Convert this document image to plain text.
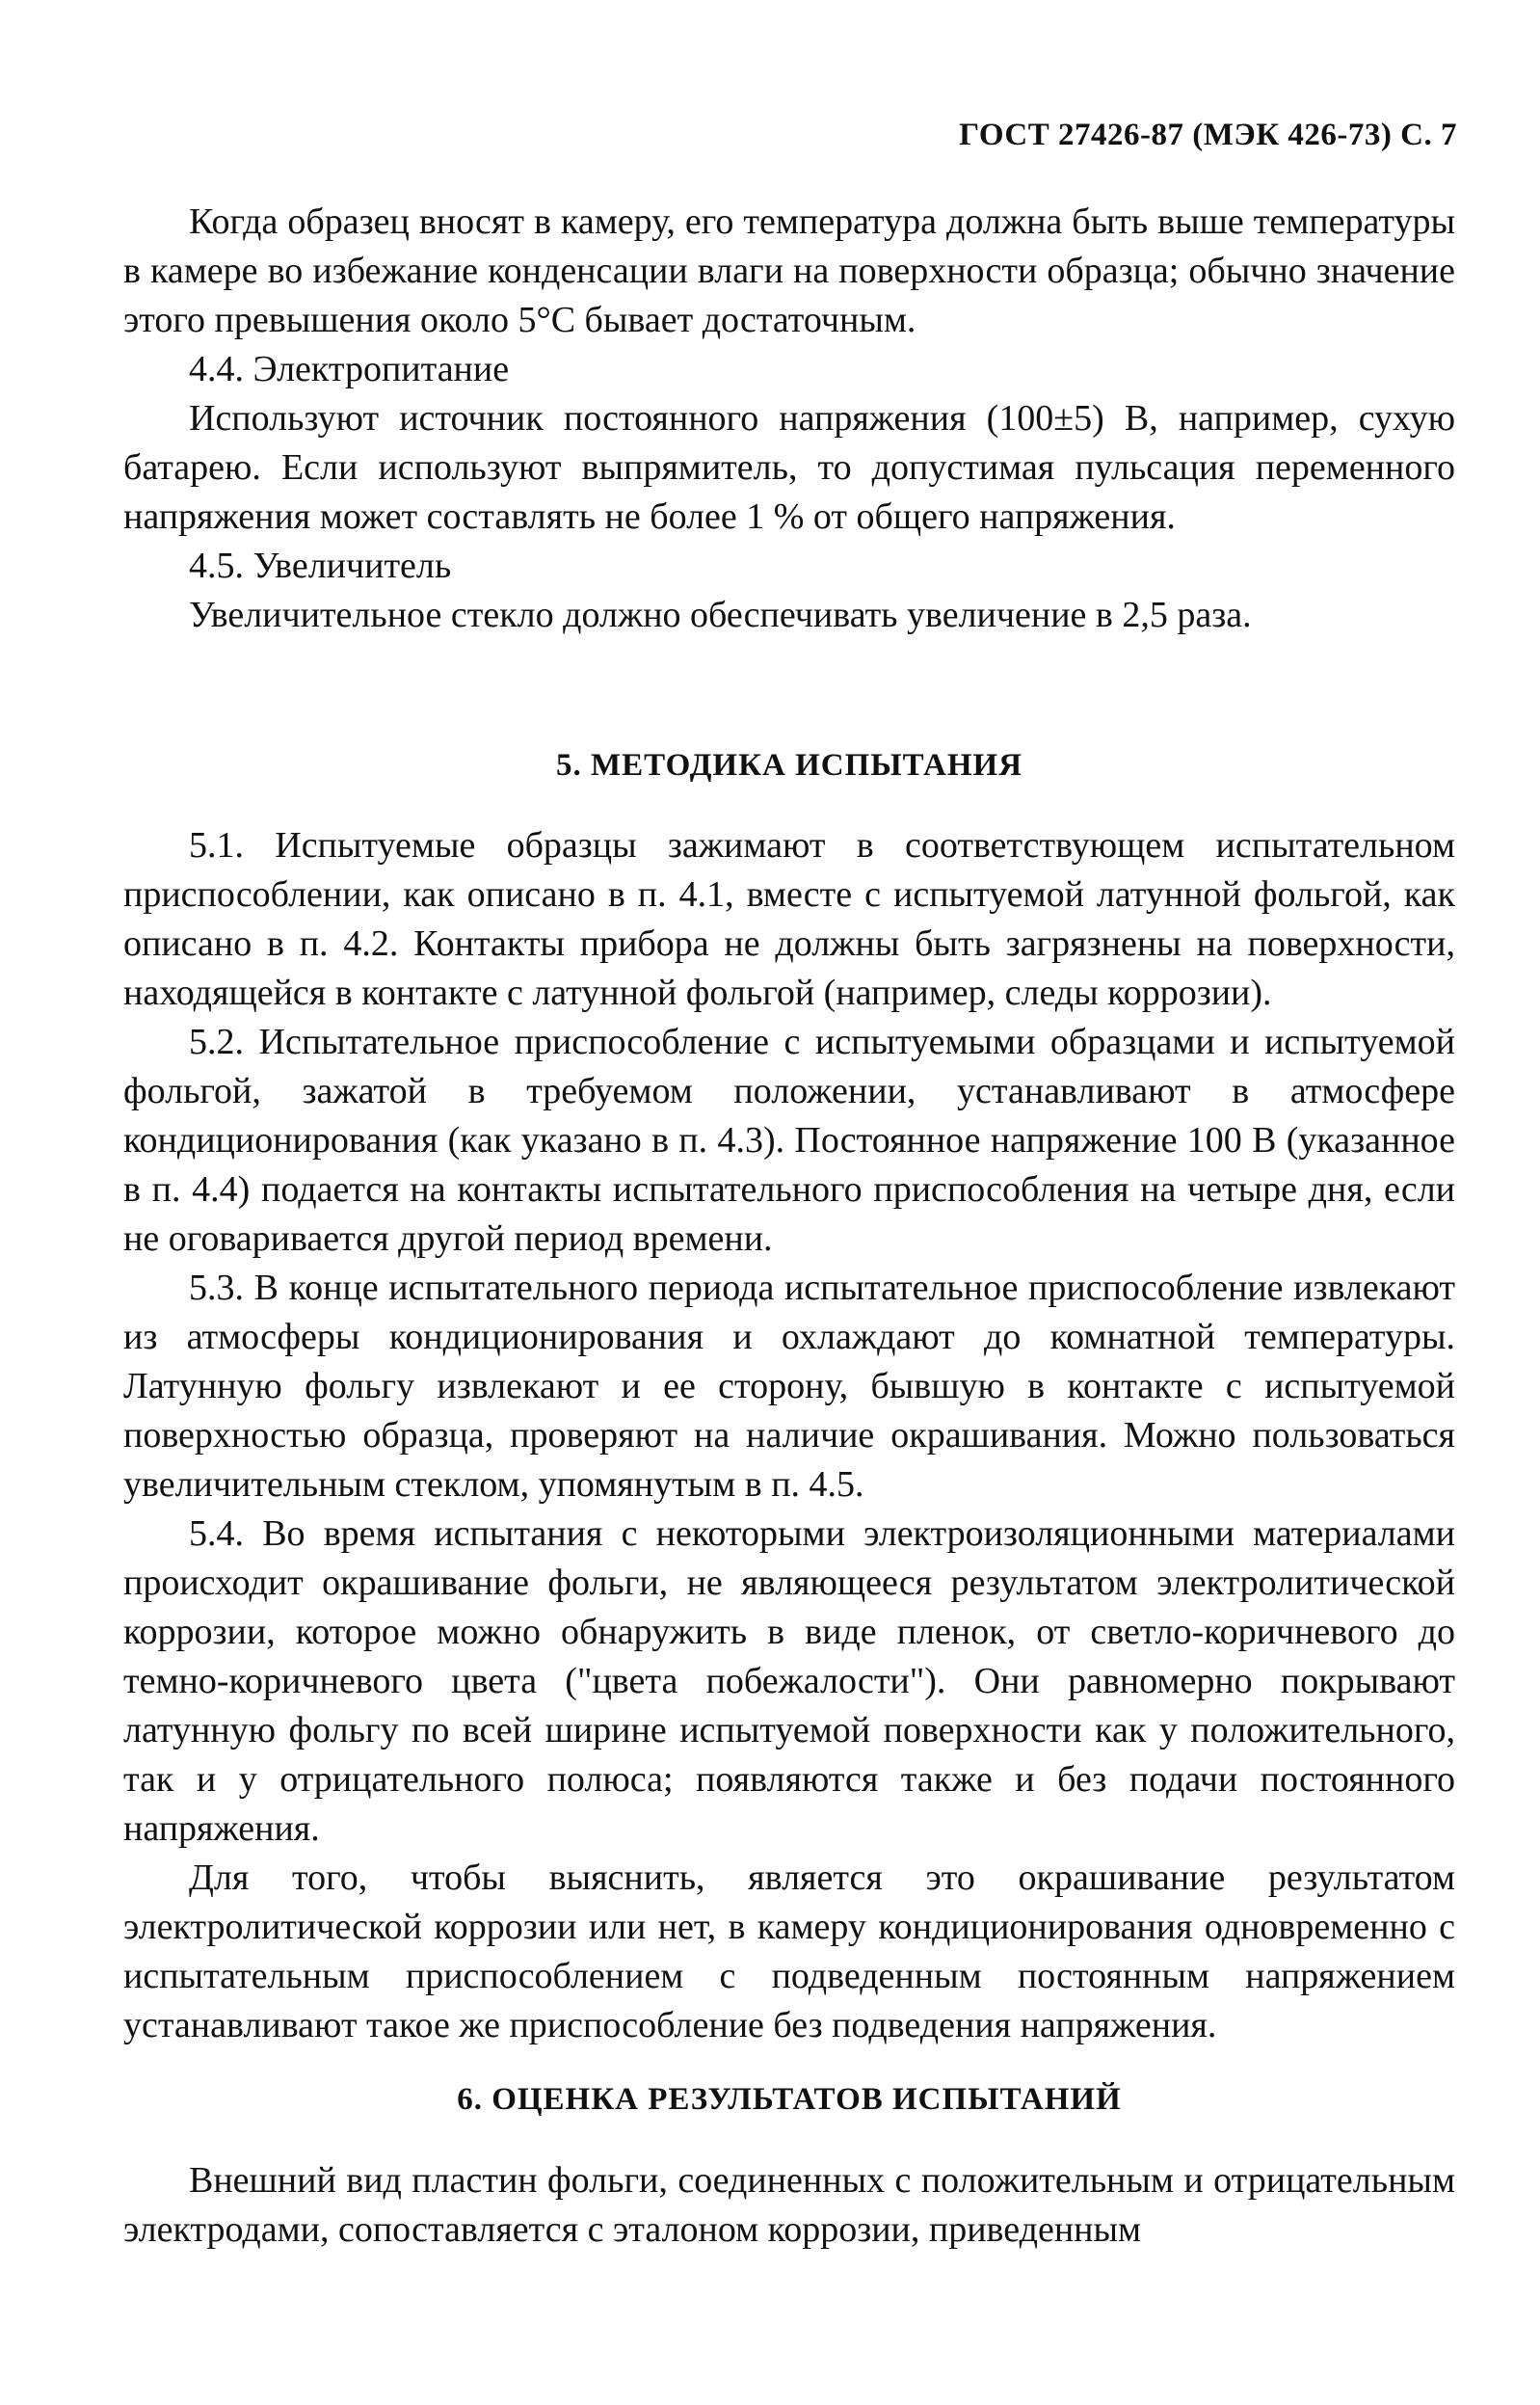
ГОСТ 27426-87 (МЭК 426-73) С. 7

Когда образец вносят в камеру, его температура должна быть выше температуры в камере во избежание конденсации влаги на поверхности образца; обычно значение этого превышения около 5°С бывает достаточным.

4.4. Электропитание

Используют источник постоянного напряжения (100±5) В, например, сухую батарею. Если используют выпрямитель, то допустимая пульсация переменного напряжения может составлять не более 1 % от общего напряжения.

4.5. Увеличитель

Увеличительное стекло должно обеспечивать увеличение в 2,5 раза.

5. МЕТОДИКА ИСПЫТАНИЯ

5.1. Испытуемые образцы зажимают в соответствующем испытательном приспособлении, как описано в п. 4.1, вместе с испытуемой латунной фольгой, как описано в п. 4.2. Контакты прибора не должны быть загрязнены на поверхности, находящейся в контакте с латунной фольгой (например, следы коррозии).

5.2. Испытательное приспособление с испытуемыми образцами и испытуемой фольгой, зажатой в требуемом положении, устанавливают в атмосфере кондиционирования (как указано в п. 4.3). Постоянное напряжение 100 В (указанное в п. 4.4) подается на контакты испытательного приспособления на четыре дня, если не оговаривается другой период времени.

5.3. В конце испытательного периода испытательное приспособление извлекают из атмосферы кондиционирования и охлаждают до комнатной температуры. Латунную фольгу извлекают и ее сторону, бывшую в контакте с испытуемой поверхностью образца, проверяют на наличие окрашивания. Можно пользоваться увеличительным стеклом, упомянутым в п. 4.5.

5.4. Во время испытания с некоторыми электроизоляционными материалами происходит окрашивание фольги, не являющееся результатом электролитической коррозии, которое можно обнаружить в виде пленок, от светло-коричневого до темно-коричневого цвета ("цвета побежалости"). Они равномерно покрывают латунную фольгу по всей ширине испытуемой поверхности как у положительного, так и у отрицательного полюса; появляются также и без подачи постоянного напряжения.

Для того, чтобы выяснить, является это окрашивание результатом электролитической коррозии или нет, в камеру кондиционирования одновременно с испытательным приспособлением с подведенным постоянным напряжением устанавливают такое же приспособление без подведения напряжения.

6. ОЦЕНКА РЕЗУЛЬТАТОВ ИСПЫТАНИЙ

Внешний вид пластин фольги, соединенных с положительным и отрицательным электродами, сопоставляется с эталоном коррозии, приведенным
